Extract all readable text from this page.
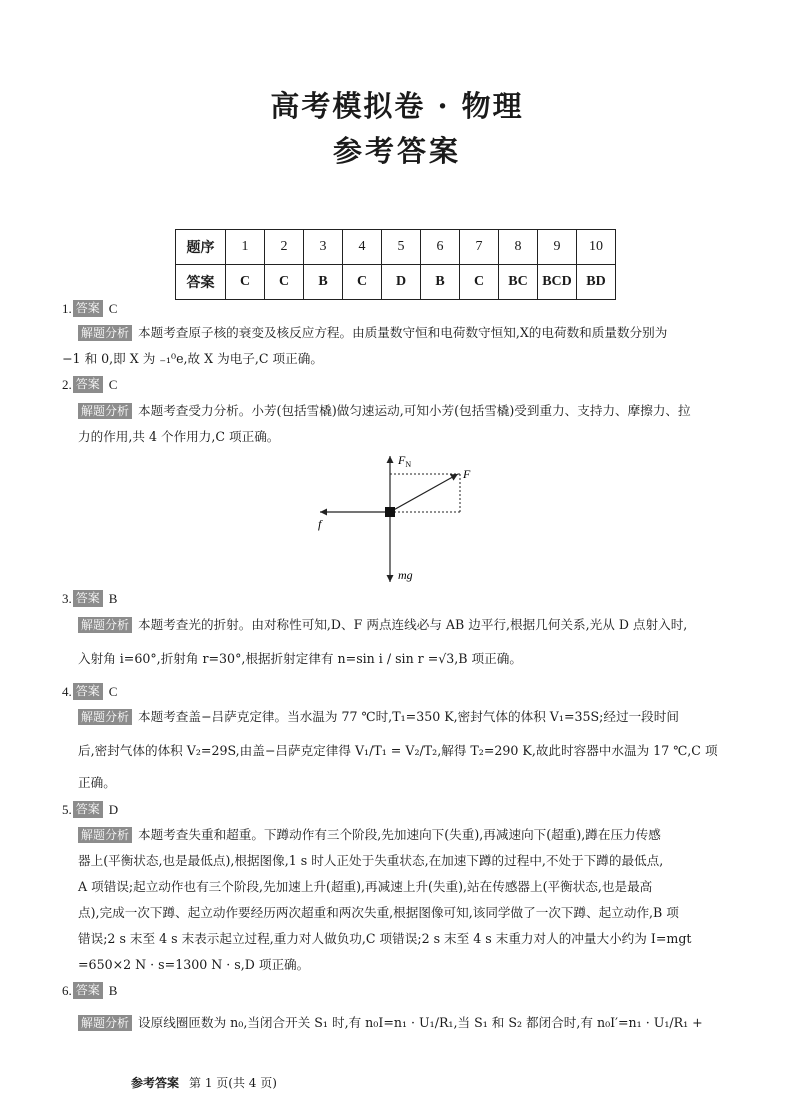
高考模拟卷 · 物理
参考答案
题序	1	2	3	4	5	6	7	8	9	10
答案	C	C	B	C	D	B	C	BC	BCD	BD
1. 答案 C
解题分析 本题考查原子核的衰变及核反应方程。由质量数守恒和电荷数守恒知,X的电荷数和质量数分别为
−1 和 0,即 X 为 ₋₁⁰e,故 X 为电子,C 项正确。
2. 答案 C
解题分析 本题考查受力分析。小芳(包括雪橇)做匀速运动,可知小芳(包括雪橇)受到重力、支持力、摩擦力、拉
力的作用,共 4 个作用力,C 项正确。
$F_N$
F
f
mg
3. 答案 B
解题分析 本题考查光的折射。由对称性可知,D、F 两点连线必与 AB 边平行,根据几何关系,光从 D 点射入时,
入射角 i=60°,折射角 r=30°,根据折射定律有 n=sin i / sin r =√3,B 项正确。
4. 答案 C
解题分析 本题考查盖−吕萨克定律。当水温为 77 ℃时,T₁=350 K,密封气体的体积 V₁=35S;经过一段时间
后,密封气体的体积 V₂=29S,由盖−吕萨克定律得 V₁/T₁ = V₂/T₂,解得 T₂=290 K,故此时容器中水温为 17 ℃,C 项
正确。
5. 答案 D
解题分析 本题考查失重和超重。下蹲动作有三个阶段,先加速向下(失重),再减速向下(超重),蹲在压力传感
器上(平衡状态,也是最低点),根据图像,1 s 时人正处于失重状态,在加速下蹲的过程中,不处于下蹲的最低点,
A 项错误;起立动作也有三个阶段,先加速上升(超重),再减速上升(失重),站在传感器上(平衡状态,也是最高
点),完成一次下蹲、起立动作要经历两次超重和两次失重,根据图像可知,该同学做了一次下蹲、起立动作,B 项
错误;2 s 末至 4 s 末表示起立过程,重力对人做负功,C 项错误;2 s 末至 4 s 末重力对人的冲量大小约为 I=mgt
=650×2 N · s=1300 N · s,D 项正确。
6. 答案 B
解题分析 设原线圈匝数为 n₀,当闭合开关 S₁ 时,有 n₀I=n₁ · U₁/R₁,当 S₁ 和 S₂ 都闭合时,有 n₀I′=n₁ · U₁/R₁ +
参考答案 第 1 页(共 4 页)
